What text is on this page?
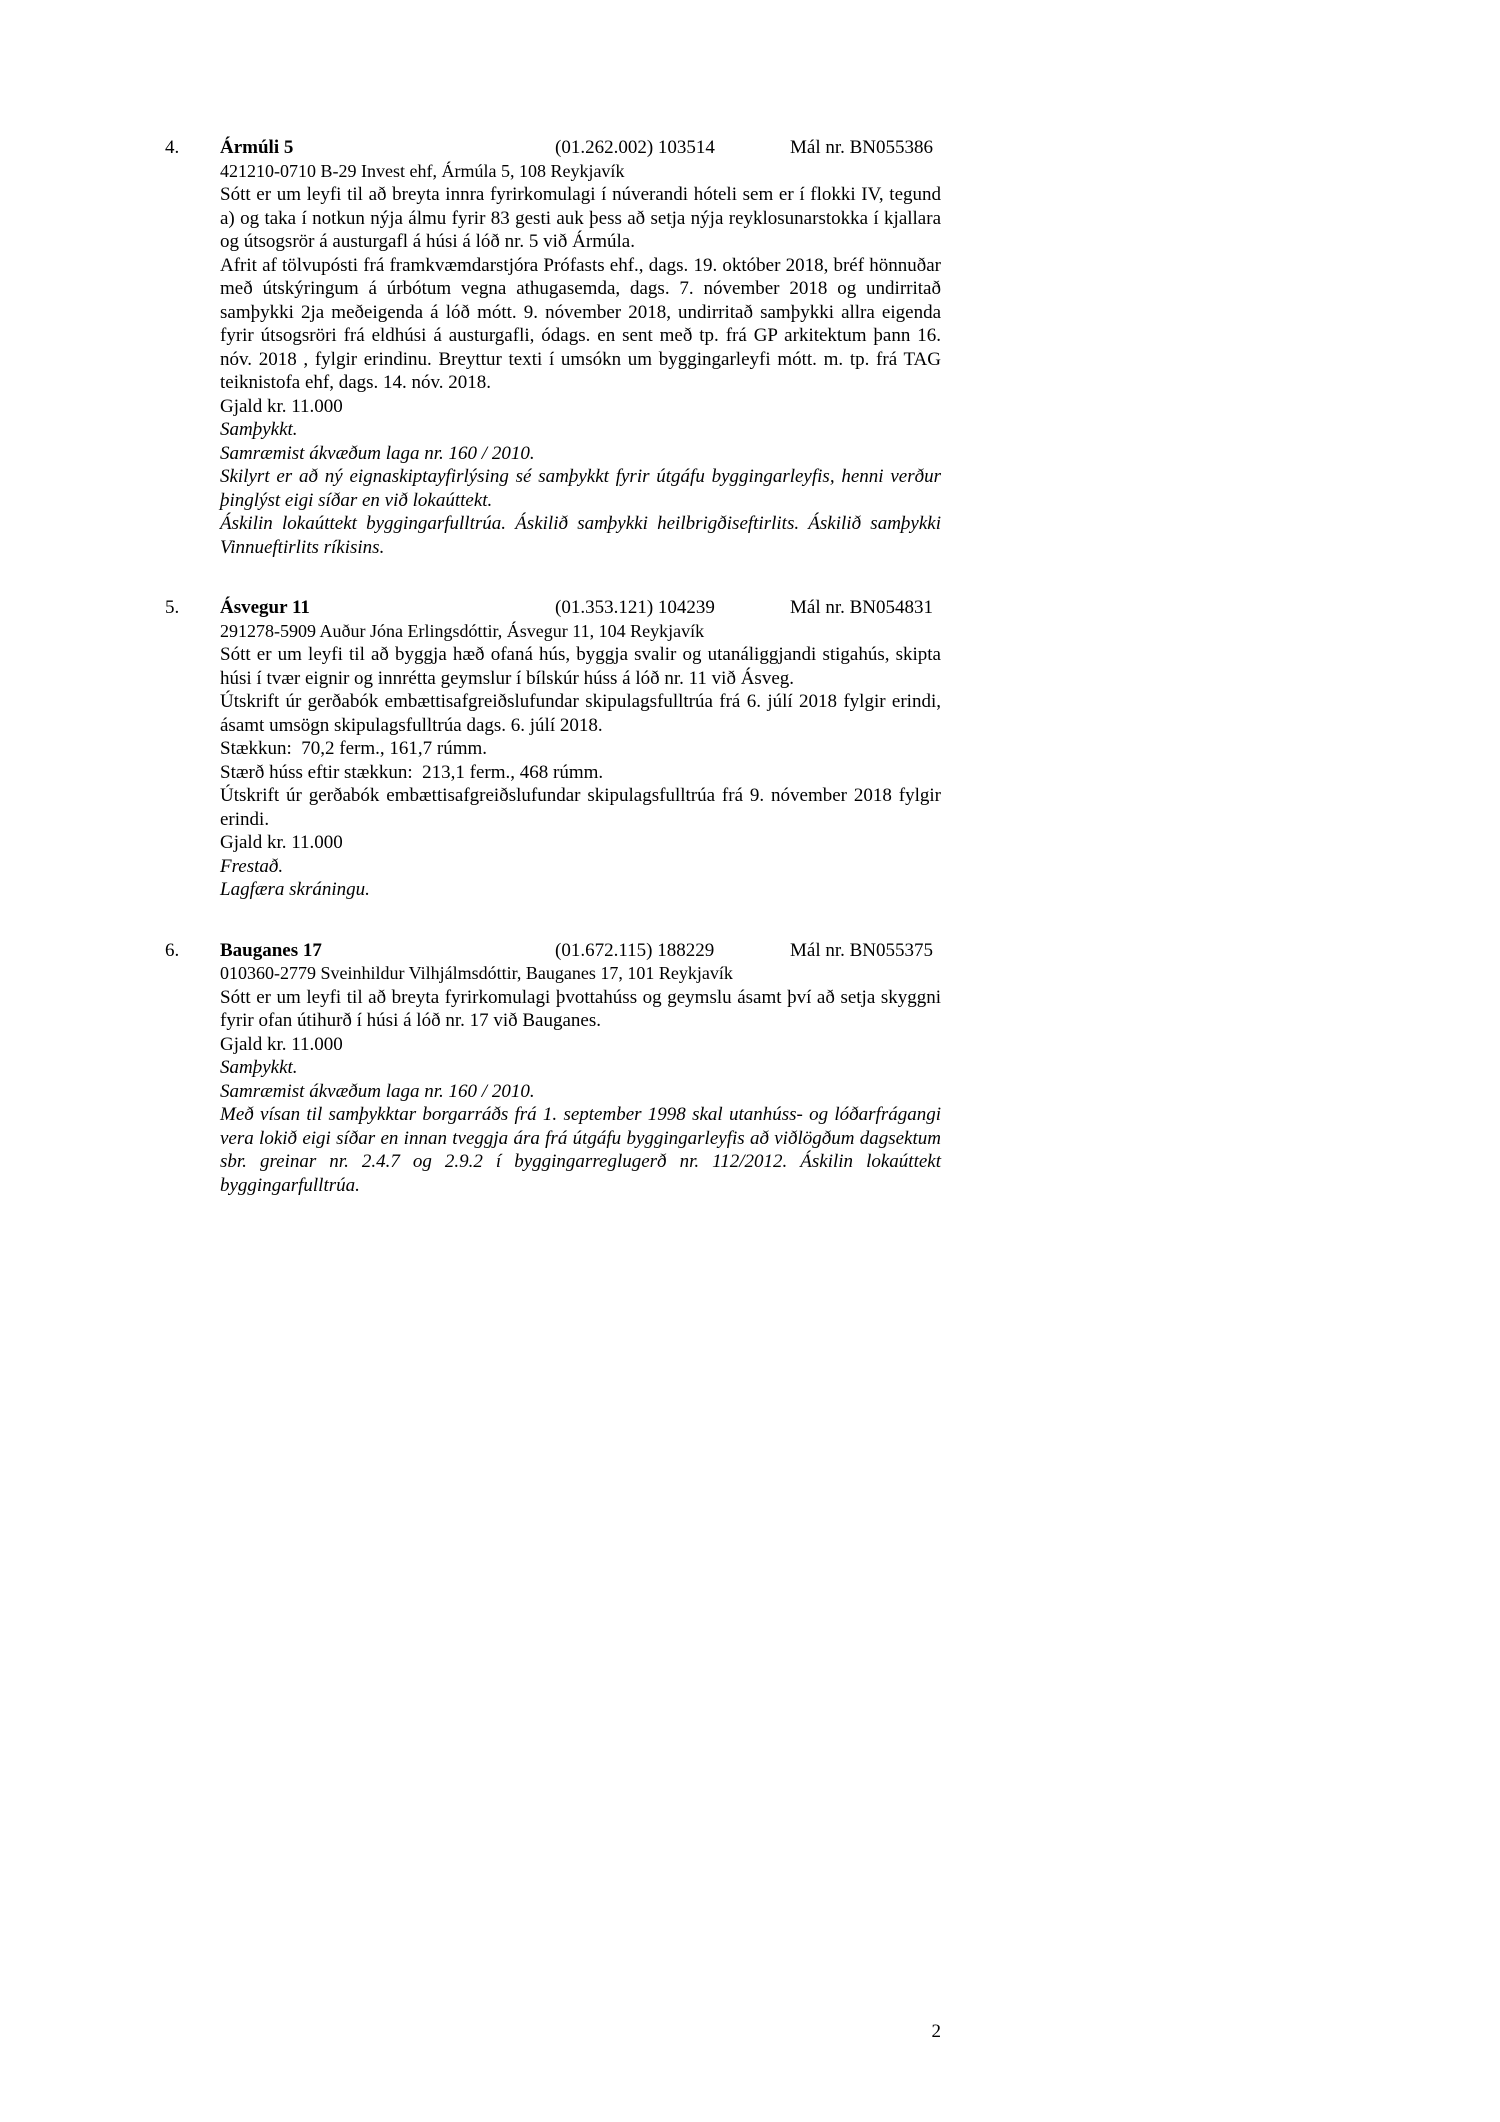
4. Ármúli 5	(01.262.002) 103514	Mál nr. BN055386
421210-0710 B-29 Invest ehf, Ármúla 5, 108 Reykjavík

Sótt er um leyfi til að breyta innra fyrirkomulagi í núverandi hóteli sem er í flokki IV, tegund a) og taka í notkun nýja álmu fyrir 83 gesti auk þess að setja nýja reyklosunarstokka í kjallara og útsogsrör á austurgafl á húsi á lóð nr. 5 við Ármúla.

Afrit af tölvupósti frá framkvæmdarstjóra Prófasts ehf., dags. 19. október 2018, bréf hönnuðar með útskýringum á úrbótum vegna athugasemda, dags. 7. nóvember 2018 og undirritað samþykki 2ja meðeigenda á lóð mótt. 9. nóvember 2018, undirritað samþykki allra eigenda fyrir útsogsröri frá eldhúsi á austurgafli, ódags. en sent með tp. frá GP arkitektum þann 16. nóv. 2018 , fylgir erindinu. Breyttur texti í umsókn um byggingarleyfi mótt. m. tp. frá TAG teiknistofa ehf, dags. 14. nóv. 2018.

Gjald kr. 11.000

Samþykkt.

Samræmist ákvæðum laga nr. 160 / 2010.

Skilyrt er að ný eignaskiptayfirlýsing sé samþykkt fyrir útgáfu byggingarleyfis, henni verður þinglýst eigi síðar en við lokaúttekt.

Áskilin lokaúttekt byggingarfulltrúa. Áskilið samþykki heilbrigðiseftirlits. Áskilið samþykki Vinnueftirlits ríkisins.

5. Ásvegur 11	(01.353.121) 104239	Mál nr. BN054831
291278-5909 Auður Jóna Erlingsdóttir, Ásvegur 11, 104 Reykjavík

Sótt er um leyfi til að byggja hæð ofaná hús, byggja svalir og utanáliggjandi stigahús, skipta húsi í tvær eignir og innrétta geymslur í bílskúr húss á lóð nr. 11 við Ásveg.

Útskrift úr gerðabók embættisafgreiðslufundar skipulagsfulltrúa frá 6. júlí 2018 fylgir erindi, ásamt umsögn skipulagsfulltrúa dags. 6. júlí 2018.

Stækkun:  70,2 ferm., 161,7 rúmm.

Stærð húss eftir stækkun:  213,1 ferm., 468 rúmm.

Útskrift úr gerðabók embættisafgreiðslufundar skipulagsfulltrúa frá 9. nóvember 2018 fylgir erindi.

Gjald kr. 11.000

Frestað.

Lagfæra skráningu.

6. Bauganes 17	(01.672.115) 188229	Mál nr. BN055375
010360-2779 Sveinhildur Vilhjálmsdóttir, Bauganes 17, 101 Reykjavík

Sótt er um leyfi til að breyta fyrirkomulagi þvottahúss og geymslu ásamt því að setja skyggni fyrir ofan útihurð í húsi á lóð nr. 17 við Bauganes.

Gjald kr. 11.000

Samþykkt.

Samræmist ákvæðum laga nr. 160 / 2010.

Með vísan til samþykktar borgarráðs frá 1. september 1998 skal utanhúss- og lóðarfrágangi vera lokið eigi síðar en innan tveggja ára frá útgáfu byggingarleyfis að viðlögðum dagsektum sbr. greinar nr. 2.4.7 og 2.9.2 í byggingarreglugerð nr. 112/2012. Áskilin lokaúttekt byggingarfulltrúa.

2
